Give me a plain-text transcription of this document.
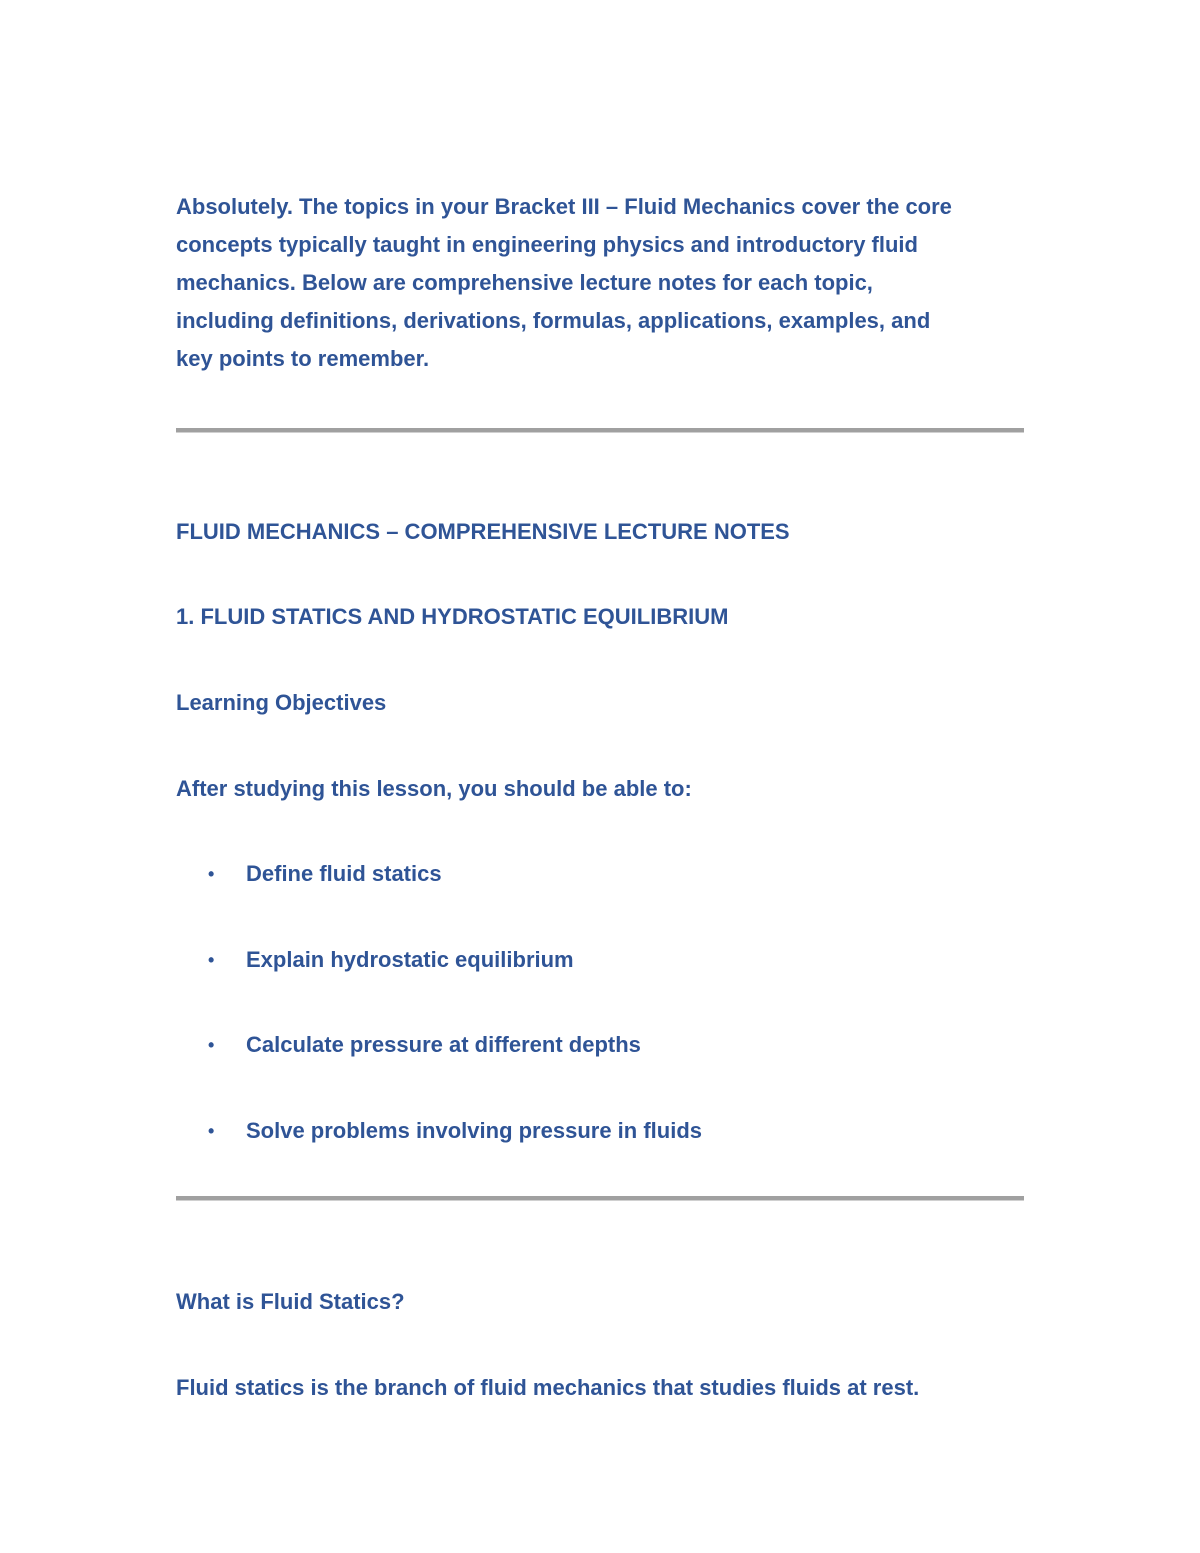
Absolutely. The topics in your Bracket III – Fluid Mechanics cover the core
concepts typically taught in engineering physics and introductory fluid
mechanics. Below are comprehensive lecture notes for each topic,
including definitions, derivations, formulas, applications, examples, and
key points to remember.
FLUID MECHANICS – COMPREHENSIVE LECTURE NOTES
1. FLUID STATICS AND HYDROSTATIC EQUILIBRIUM
Learning Objectives
After studying this lesson, you should be able to:
• Define fluid statics
• Explain hydrostatic equilibrium
• Calculate pressure at different depths
• Solve problems involving pressure in fluids
What is Fluid Statics?
Fluid statics is the branch of fluid mechanics that studies fluids at rest.
